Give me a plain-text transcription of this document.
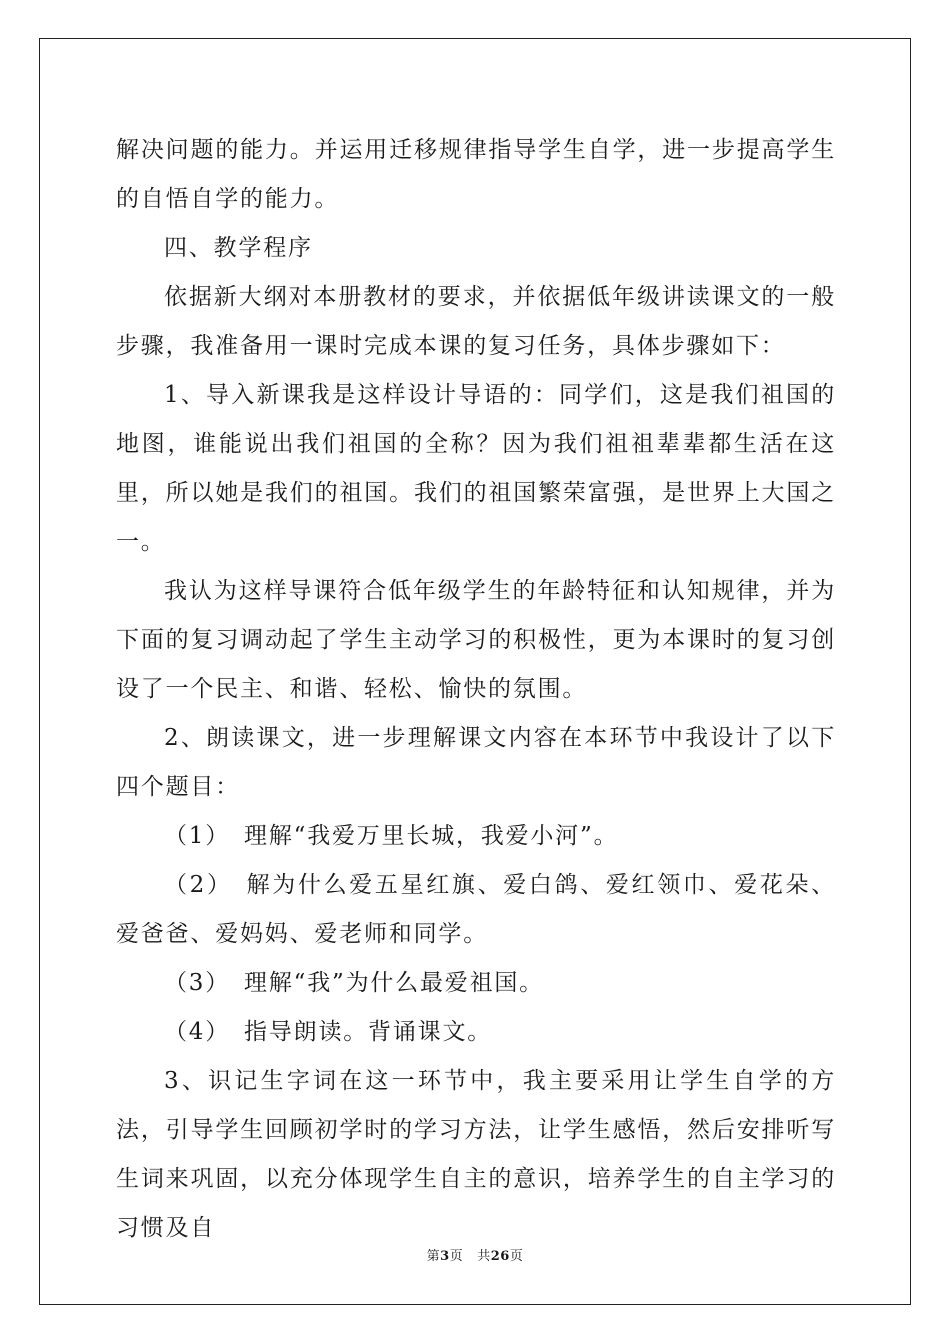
解决问题的能力。并运用迁移规律指导学生自学，进一步提高学生的自悟自学的能力。

四、教学程序

依据新大纲对本册教材的要求，并依据低年级讲读课文的一般步骤，我准备用一课时完成本课的复习任务，具体步骤如下：

1、导入新课我是这样设计导语的：同学们，这是我们祖国的地图，谁能说出我们祖国的全称？因为我们祖祖辈辈都生活在这里，所以她是我们的祖国。我们的祖国繁荣富强，是世界上大国之一。

我认为这样导课符合低年级学生的年龄特征和认知规律，并为下面的复习调动起了学生主动学习的积极性，更为本课时的复习创设了一个民主、和谐、轻松、愉快的氛围。

2、朗读课文，进一步理解课文内容在本环节中我设计了以下四个题目：

（1） 理解“我爱万里长城，我爱小河”。

（2） 解为什么爱五星红旗、爱白鸽、爱红领巾、爱花朵、爱爸爸、爱妈妈、爱老师和同学。

（3） 理解“我”为什么最爱祖国。

（4） 指导朗读。背诵课文。

3、识记生字词在这一环节中，我主要采用让学生自学的方法，引导学生回顾初学时的学习方法，让学生感悟，然后安排听写生词来巩固，以充分体现学生自主的意识，培养学生的自主学习的习惯及自

第3页 共26页
